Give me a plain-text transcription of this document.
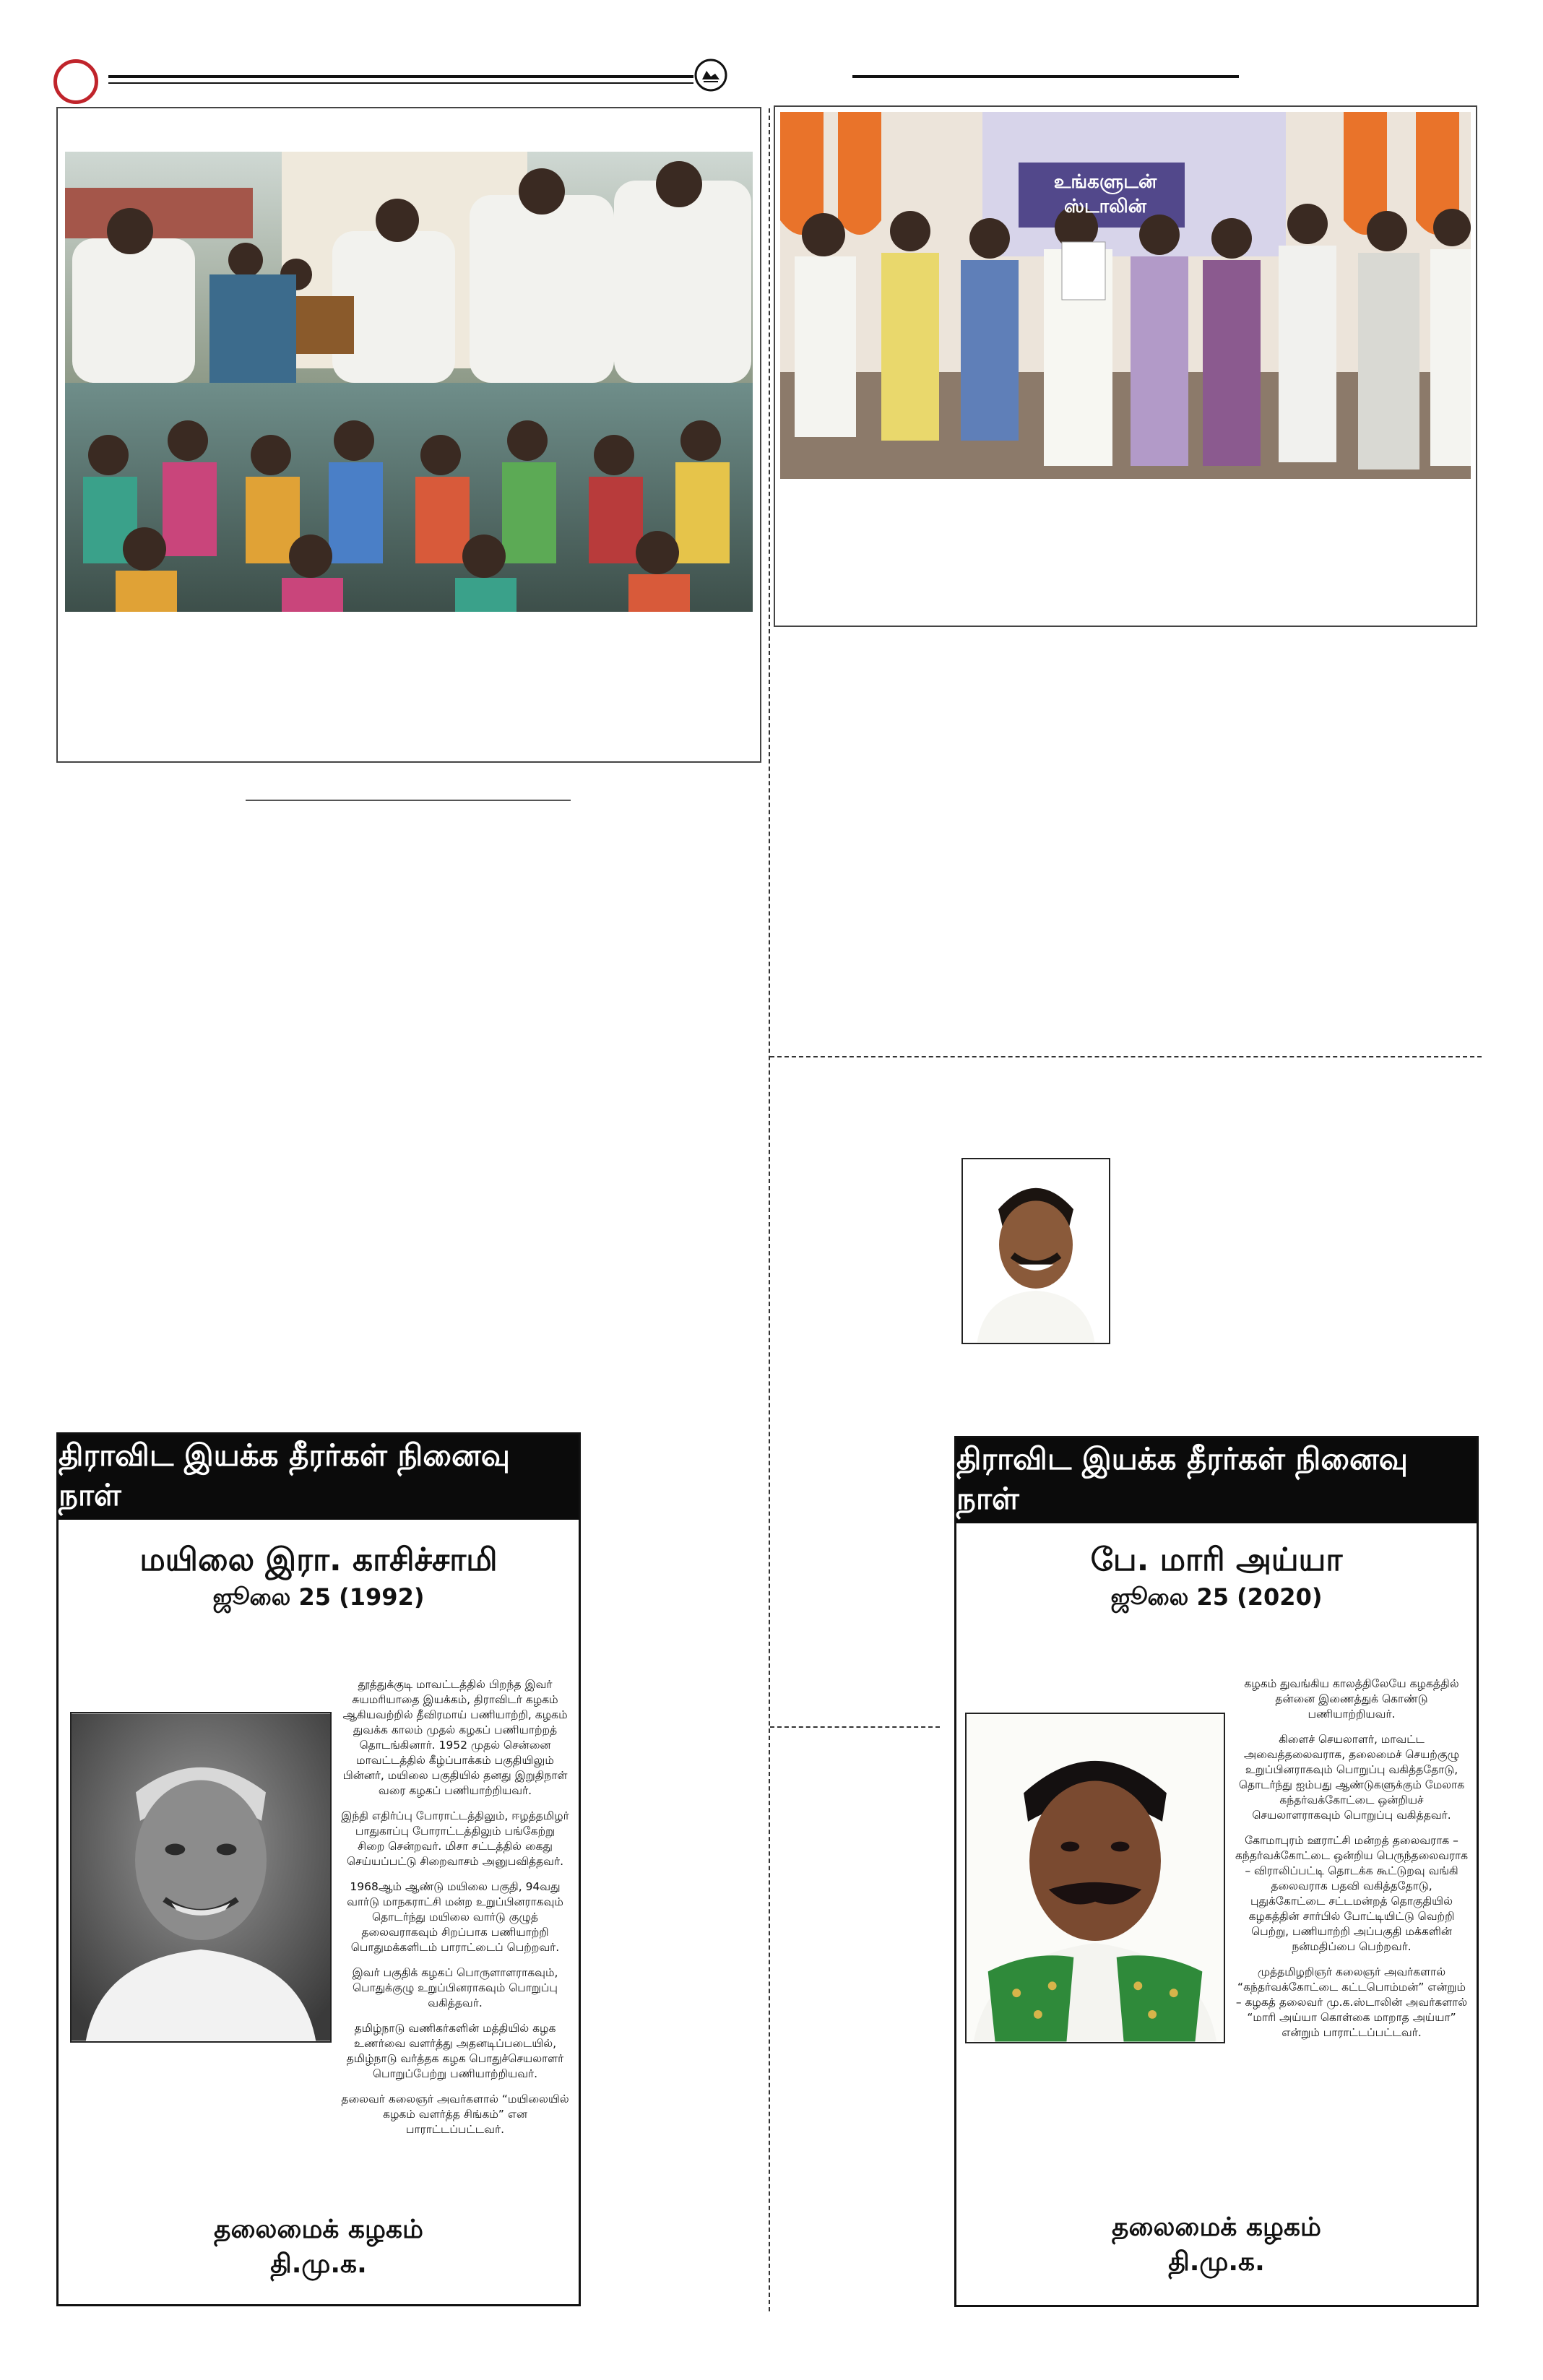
உங்களுடன் ஸ்டாலின்
திராவிட இயக்க தீரர்கள் நினைவு நாள்
மயிலை இரா. காசிச்சாமி
ஜூலை 25 (1992)

தூத்துக்குடி மாவட்டத்தில் பிறந்த இவர் சுயமரியாதை இயக்கம், திராவிடர் கழகம் ஆகியவற்றில் தீவிரமாய் பணியாற்றி, கழகம் துவக்க காலம் முதல் கழகப் பணியாற்றத் தொடங்கினார். 1952 முதல் சென்னை மாவட்டத்தில் கீழ்ப்பாக்கம் பகுதியிலும் பின்னர், மயிலை பகுதியில் தனது இறுதிநாள் வரை கழகப் பணியாற்றியவர்.

இந்தி எதிர்ப்பு போராட்டத்திலும், ஈழத்தமிழர் பாதுகாப்பு போராட்டத்திலும் பங்கேற்று சிறை சென்றவர். மிசா சட்டத்தில் கைது செய்யப்பட்டு சிறைவாசம் அனுபவித்தவர்.

1968ஆம் ஆண்டு மயிலை பகுதி, 94வது வார்டு மாநகராட்சி மன்ற உறுப்பினராகவும் தொடர்ந்து மயிலை வார்டு குழுத் தலைவராகவும் சிறப்பாக பணியாற்றி பொதுமக்களிடம் பாராட்டைப் பெற்றவர்.

இவர் பகுதிக் கழகப் பொருளாளராகவும், பொதுக்குழு உறுப்பினராகவும் பொறுப்பு வகித்தவர்.

தமிழ்நாடு வணிகர்களின் மத்தியில் கழக உணர்வை வளர்த்து அதனடிப்படையில், தமிழ்நாடு வர்த்தக கழக பொதுச்செயலாளர் பொறுப்பேற்று பணியாற்றியவர்.

தலைவர் கலைஞர் அவர்களால் “மயிலையில் கழகம் வளர்த்த சிங்கம்” என பாராட்டப்பட்டவர்.

தலைமைக் கழகம்
தி.மு.க.
திராவிட இயக்க தீரர்கள் நினைவு நாள்
பே. மாரி அய்யா
ஜூலை 25 (2020)

கழகம் துவங்கிய காலத்திலேயே கழகத்தில் தன்னை இணைத்துக் கொண்டு பணியாற்றியவர்.

கிளைச் செயலாளர், மாவட்ட அவைத்தலைவராக, தலைமைச் செயற்குழு உறுப்பினராகவும் பொறுப்பு வகித்ததோடு, தொடர்ந்து ஐம்பது ஆண்டுகளுக்கும் மேலாக கந்தர்வக்கோட்டை ஒன்றியச் செயலாளராகவும் பொறுப்பு வகித்தவர்.

கோமாபுரம் ஊராட்சி மன்றத் தலைவராக – கந்தர்வக்கோட்டை ஒன்றிய பெருந்தலைவராக – விராலிப்பட்டி தொடக்க கூட்டுறவு வங்கி தலைவராக பதவி வகித்ததோடு, புதுக்கோட்டை சட்டமன்றத் தொகுதியில் கழகத்தின் சார்பில் போட்டியிட்டு வெற்றி பெற்று, பணியாற்றி அப்பகுதி மக்களின் நன்மதிப்பை பெற்றவர்.

முத்தமிழறிஞர் கலைஞர் அவர்களால் “கந்தர்வக்கோட்டை கட்டபொம்மன்” என்றும் – கழகத் தலைவர் மு.க.ஸ்டாலின் அவர்களால் “மாரி அய்யா கொள்கை மாறாத அய்யா” என்றும் பாராட்டப்பட்டவர்.

தலைமைக் கழகம்
தி.மு.க.
